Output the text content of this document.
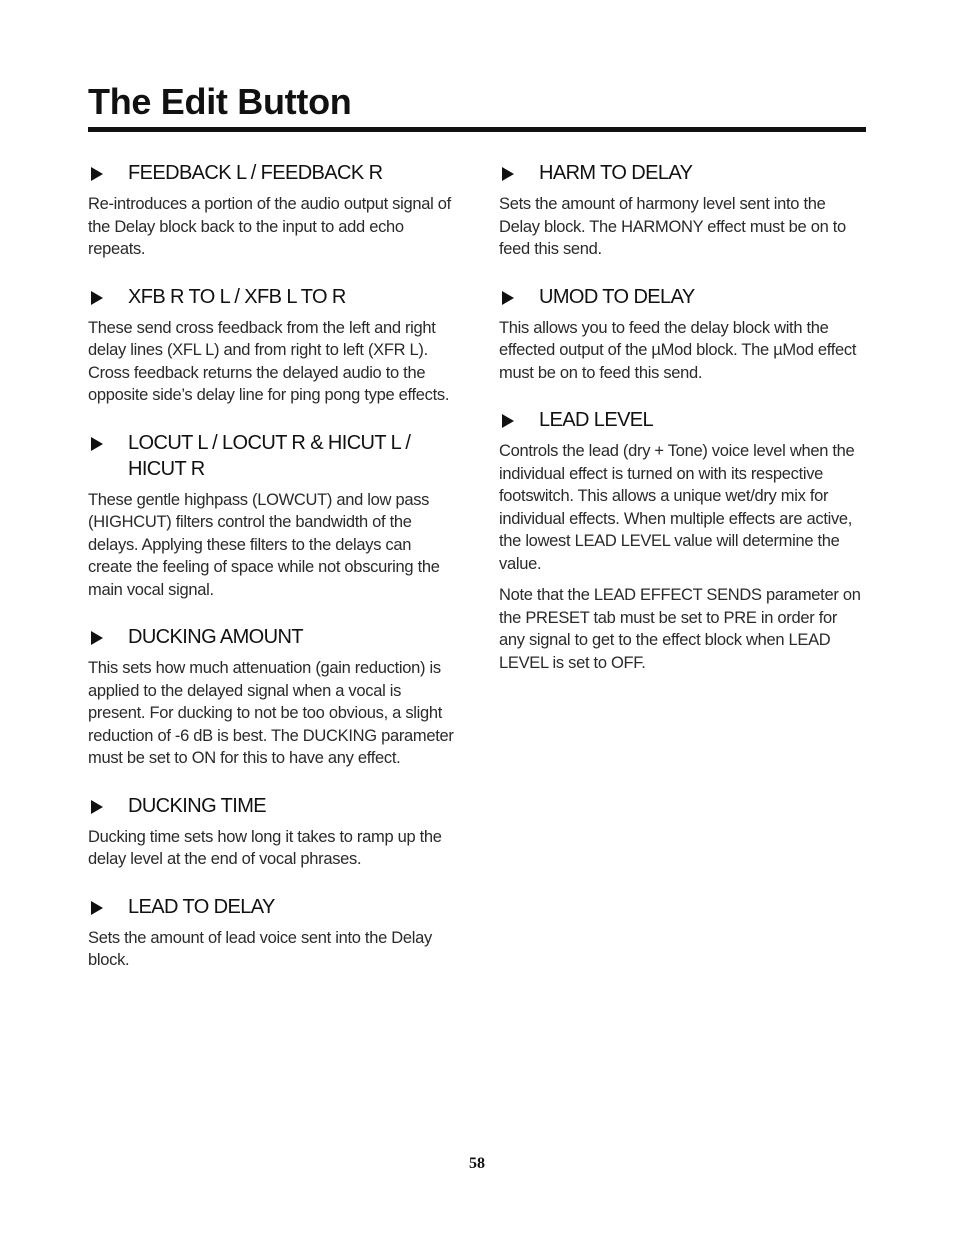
The Edit Button
FEEDBACK L / FEEDBACK R

Re-introduces a portion of the audio output signal of the Delay block back to the input to add echo repeats.

XFB R TO L / XFB L TO R

These send cross feedback from the left and right delay lines (XFL L) and from right to left (XFR L). Cross feedback returns the delayed audio to the opposite side’s delay line for ping pong type effects.

LOCUT L / LOCUT R & HICUT L / HICUT R

These gentle highpass (LOWCUT) and low pass (HIGHCUT) filters control the bandwidth of the delays. Applying these filters to the delays can create the feeling of space while not obscuring the main vocal signal.

DUCKING AMOUNT

This sets how much attenuation (gain reduction) is applied to the delayed signal when a vocal is present. For ducking to not be too obvious, a slight reduction of -6 dB is best. The DUCKING parameter must be set to ON for this to have any effect.

DUCKING TIME

Ducking time sets how long it takes to ramp up the delay level at the end of vocal phrases.

LEAD TO DELAY

Sets the amount of lead voice sent into the Delay block.

HARM TO DELAY

Sets the amount of harmony level sent into the Delay block. The HARMONY effect must be on to feed this send.

UMOD TO DELAY

This allows you to feed the delay block with the effected output of the µMod block. The µMod effect must be on to feed this send.

LEAD LEVEL

Controls the lead (dry + Tone) voice level when the individual effect is turned on with its respective footswitch. This allows a unique wet/dry mix for individual effects. When multiple effects are active, the lowest LEAD LEVEL value will determine the value.

Note that the LEAD EFFECT SENDS parameter on the PRESET tab must be set to PRE in order for any signal to get to the effect block when LEAD LEVEL is set to OFF.

58
